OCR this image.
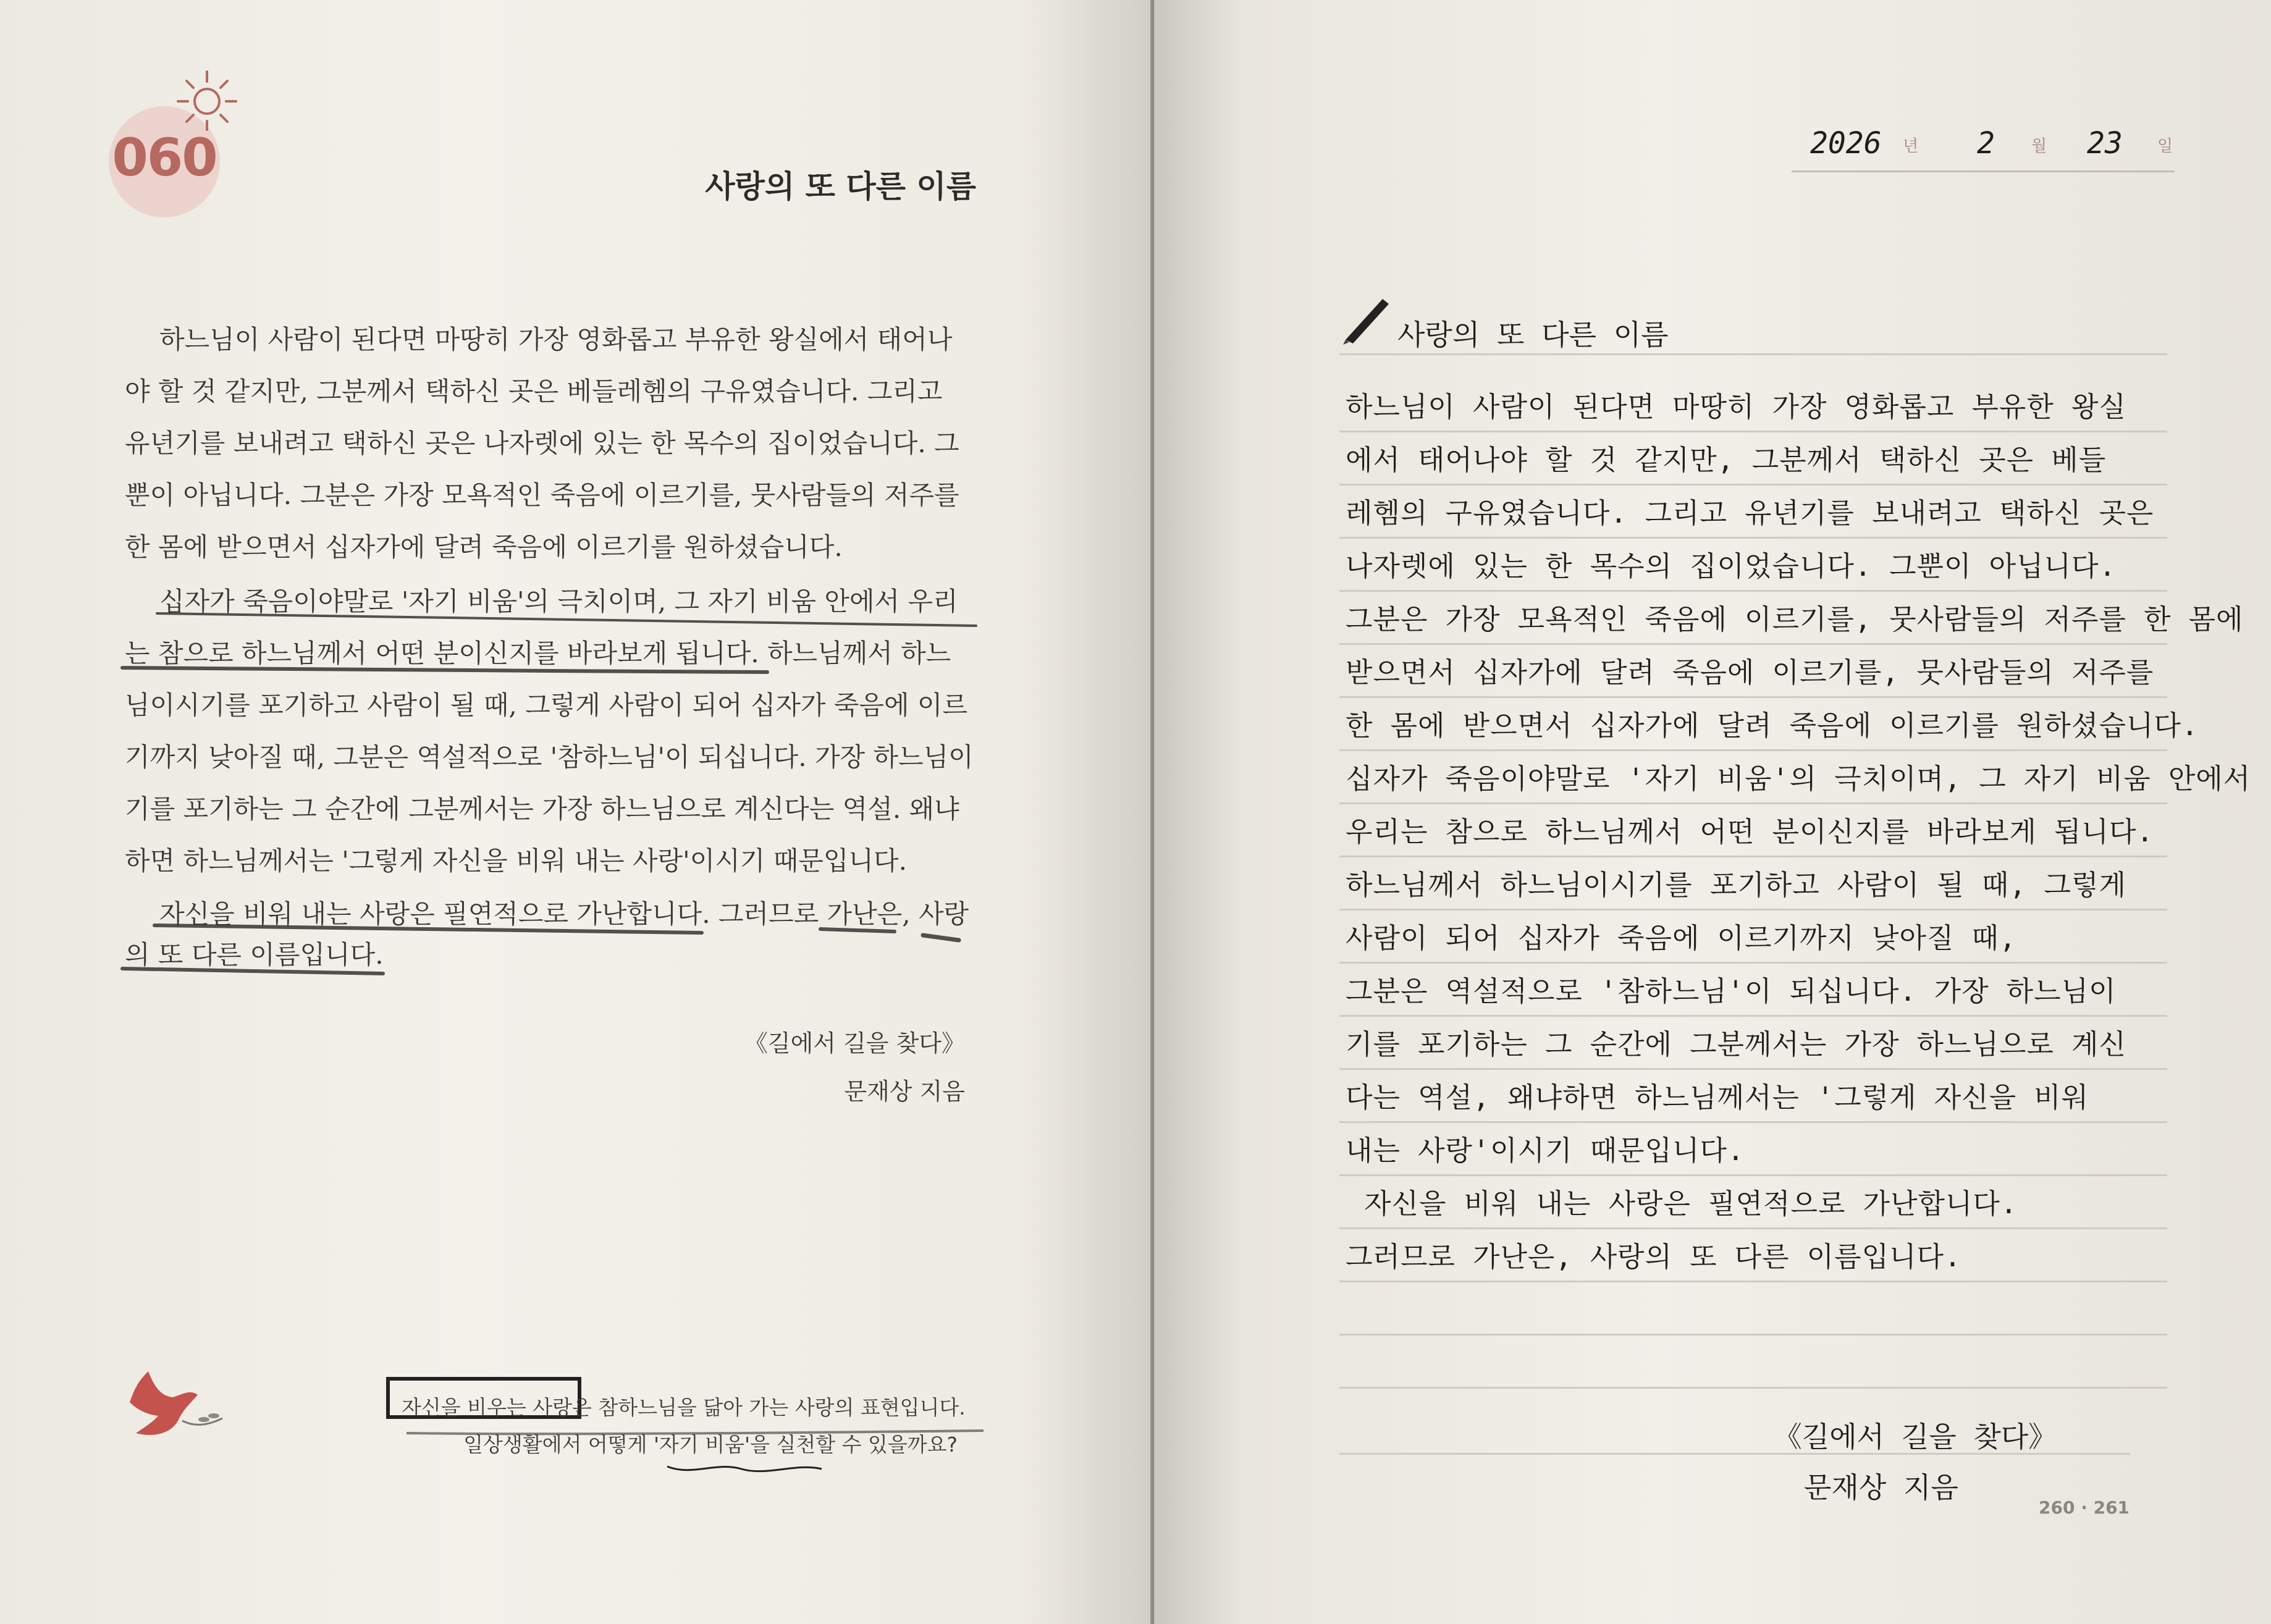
060	사랑의 또 다른 이름

하느님이 사람이 된다면 마땅히 가장 영화롭고 부유한 왕실에서 태어나

야 할 것 같지만, 그분께서 택하신 곳은 베들레헴의 구유였습니다. 그리고

유년기를 보내려고 택하신 곳은 나자렛에 있는 한 목수의 집이었습니다. 그

뿐이 아닙니다. 그분은 가장 모욕적인 죽음에 이르기를, 뭇사람들의 저주를

한 몸에 받으면서 십자가에 달려 죽음에 이르기를 원하셨습니다.

십자가 죽음이야말로 '자기 비움'의 극치이며, 그 자기 비움 안에서 우리

는 참으로 하느님께서 어떤 분이신지를 바라보게 됩니다. 하느님께서 하느

님이시기를 포기하고 사람이 될 때, 그렇게 사람이 되어 십자가 죽음에 이르

기까지 낮아질 때, 그분은 역설적으로 '참하느님'이 되십니다. 가장 하느님이

기를 포기하는 그 순간에 그분께서는 가장 하느님으로 계신다는 역설. 왜냐

하면 하느님께서는 '그렇게 자신을 비워 내는 사랑'이시기 때문입니다.

자신을 비워 내는 사랑은 필연적으로 가난합니다. 그러므로 가난은, 사랑

의 또 다른 이름입니다.

《길에서 길을 찾다》
문재상 지음
자신을 비우는 사랑은 참하느님을 닮아 가는 사랑의 표현입니다.
일상생활에서 어떻게 '자기 비움'을 실천할 수 있을까요?
2026 년 2 월 23 일
사랑의 또 다른 이름
하느님이 사람이 된다면 마땅히 가장 영화롭고 부유한 왕실
에서 태어나야 할 것 같지만, 그분께서 택하신 곳은 베들
레헴의 구유였습니다. 그리고 유년기를 보내려고 택하신 곳은
나자렛에 있는 한 목수의 집이었습니다. 그뿐이 아닙니다.
그분은 가장 모욕적인 죽음에 이르기를, 뭇사람들의 저주를 한 몸에
받으면서 십자가에 달려 죽음에 이르기를, 뭇사람들의 저주를
한 몸에 받으면서 십자가에 달려 죽음에 이르기를 원하셨습니다.
십자가 죽음이야말로 '자기 비움'의 극치이며, 그 자기 비움 안에서
우리는 참으로 하느님께서 어떤 분이신지를 바라보게 됩니다.
하느님께서 하느님이시기를 포기하고 사람이 될 때, 그렇게
사람이 되어 십자가 죽음에 이르기까지 낮아질 때,
그분은 역설적으로 '참하느님'이 되십니다. 가장 하느님이
기를 포기하는 그 순간에 그분께서는 가장 하느님으로 계신
다는 역설, 왜냐하면 하느님께서는 '그렇게 자신을 비워
내는 사랑'이시기 때문입니다.
자신을 비워 내는 사랑은 필연적으로 가난합니다.
그러므로 가난은, 사랑의 또 다른 이름입니다.
《길에서 길을 찾다》
문재상 지음
260 · 261
